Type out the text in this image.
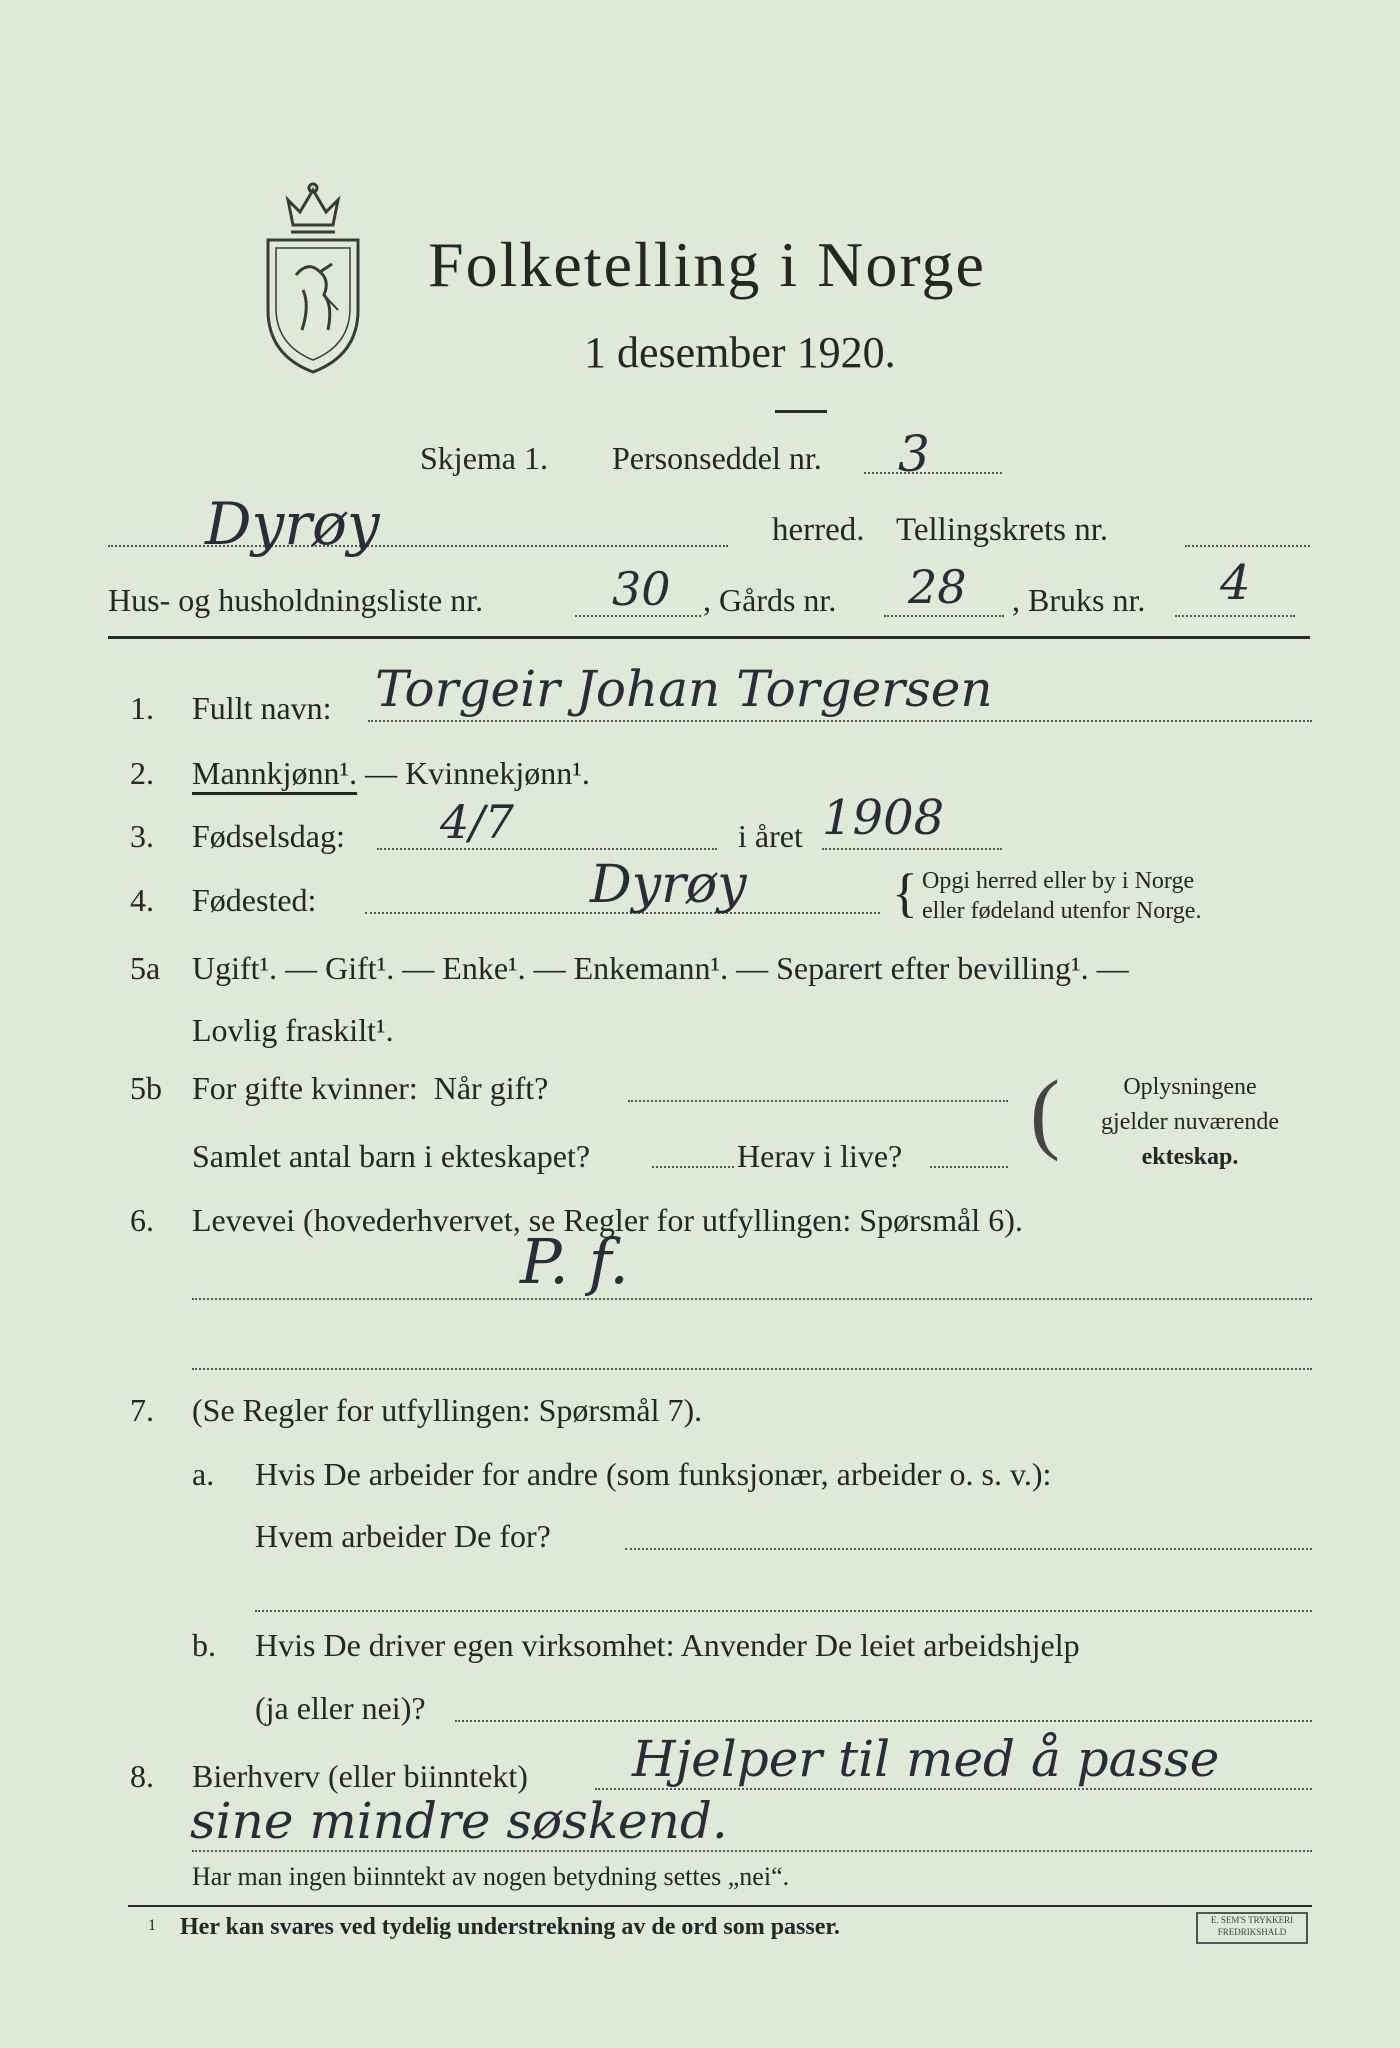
Folketelling i Norge
1 desember 1920.
Skjema 1. Personseddel nr. 3
Dyrøy	herred. Tellingskrets nr.
Hus- og husholdningsliste nr.	30 , Gårds nr. 28 , Bruks nr. 4
1. Fullt navn: Torgeir Johan Torgersen
2. Mannkjønn¹. — Kvinnekjønn¹.
3. Fødselsdag: 4/7	i året 1908
4. Fødested:	Dyrøy	{ Opgi herred eller by i Norge
eller fødeland utenfor Norge.
5a Ugift¹. — Gift¹. — Enke¹. — Enkemann¹. — Separert efter bevilling¹. —
Lovlig fraskilt¹.
5b For gifte kvinner:  Når gift?
Samlet antal barn i ekteskapet?	Herav i live? (	Oplysningene
gjelder nuværende
ekteskap.
6. Levevei (hovederhvervet, se Regler for utfyllingen: Spørsmål 6).
P. f.
7. (Se Regler for utfyllingen: Spørsmål 7).
a. Hvis De arbeider for andre (som funksjonær, arbeider o. s. v.):
Hvem arbeider De for?
b. Hvis De driver egen virksomhet: Anvender De leiet arbeidshjelp
(ja eller nei)?
8. Bierhverv (eller biinntekt) Hjelper til med å passe
sine mindre søskend.
Har man ingen biinntekt av nogen betydning settes „nei“.
1 Her kan svares ved tydelig understrekning av de ord som passer.	E. SEM'S TRYKKERI
FREDRIKSHALD
